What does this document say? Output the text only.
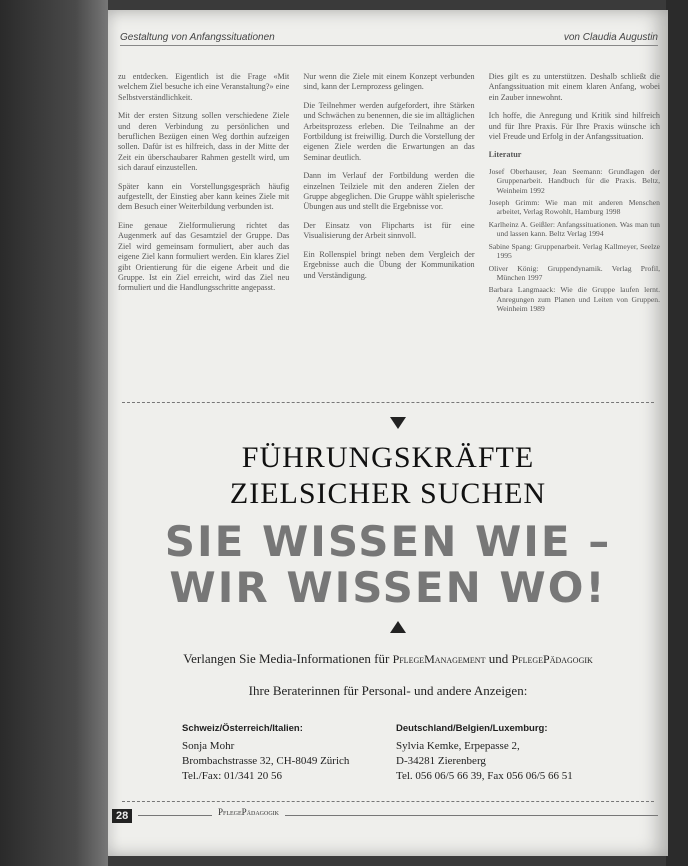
Gestaltung von Anfangssituationen	von Claudia Augustin

zu entdecken. Eigentlich ist die Frage «Mit welchem Ziel besuche ich eine Veranstaltung?» eine Selbstverständlichkeit.

Mit der ersten Sitzung sollen verschiedene Ziele und deren Verbindung zu persönlichen und beruflichen Bezügen einen Weg dorthin aufzeigen sollen. Dafür ist es hilfreich, dass in der Mitte der Zeit ein überschaubarer Rahmen gestellt wird, um sich darauf einzustellen.

Später kann ein Vorstellungsgespräch häufig aufgestellt, der Einstieg aber kann keines Ziele mit dem Besuch einer Weiterbildung verbunden ist.

Eine genaue Zielformulierung richtet das Augenmerk auf das Gesamtziel der Gruppe. Das Ziel wird gemeinsam formuliert, aber auch das eigene Ziel kann formuliert werden. Ein klares Ziel gibt Orientierung für die eigene Arbeit und die Gruppe. Ist ein Ziel erreicht, wird das Ziel neu formuliert und die Handlungsschritte angepasst.

Nur wenn die Ziele mit einem Konzept verbunden sind, kann der Lernprozess gelingen.

Die Teilnehmer werden aufgefordert, ihre Stärken und Schwächen zu benennen, die sie im alltäglichen Arbeitsprozess erleben. Die Teilnahme an der Fortbildung ist freiwillig. Durch die Vorstellung der eigenen Ziele werden die Erwartungen an das Seminar deutlich.

Dann im Verlauf der Fortbildung werden die einzelnen Teilziele mit den anderen Zielen der Gruppe abgeglichen. Die Gruppe wählt spielerische Übungen aus und stellt die Ergebnisse vor.

Der Einsatz von Flipcharts ist für eine Visualisierung der Arbeit sinnvoll.

Ein Rollenspiel bringt neben dem Vergleich der Ergebnisse auch die Übung der Kommunikation und Verständigung.

Dies gilt es zu unterstützen. Deshalb schließt die Anfangssituation mit einem klaren Anfang, wobei ein Zauber innewohnt.

Ich hoffe, die Anregung und Kritik sind hilfreich und für Ihre Praxis. Für Ihre Praxis wünsche ich viel Freude und Erfolg in der Anfangssituation.

Literatur

Josef Oberhauser, Jean Seemann: Grundlagen der Gruppenarbeit. Handbuch für die Praxis. Beltz, Weinheim 1992

Joseph Grimm: Wie man mit anderen Menschen arbeitet, Verlag Rowohlt, Hamburg 1998

Karlheinz A. Geißler: Anfangssituationen. Was man tun und lassen kann. Beltz Verlag 1994

Sabine Spang: Gruppenarbeit. Verlag Kallmeyer, Seelze 1995

Oliver König: Gruppendynamik. Verlag Profil, München 1997

Barbara Langmaack: Wie die Gruppe laufen lernt. Anregungen zum Planen und Leiten von Gruppen. Weinheim 1989

FÜHRUNGSKRÄFTE
ZIELSICHER SUCHEN
SIE WISSEN WIE –
WIR WISSEN WO!
Verlangen Sie Media-Informationen für PflegeManagement und PflegePädagogik
Ihre Beraterinnen für Personal- und andere Anzeigen:
Schweiz/Österreich/Italien:
Sonja Mohr
Brombachstrasse 32, CH-8049 Zürich
Tel./Fax: 01/341 20 56
Deutschland/Belgien/Luxemburg:
Sylvia Kemke, Erpepasse 2,
D-34281 Zierenberg
Tel. 056 06/5 66 39, Fax 056 06/5 66 51
28	PflegePädagogik
